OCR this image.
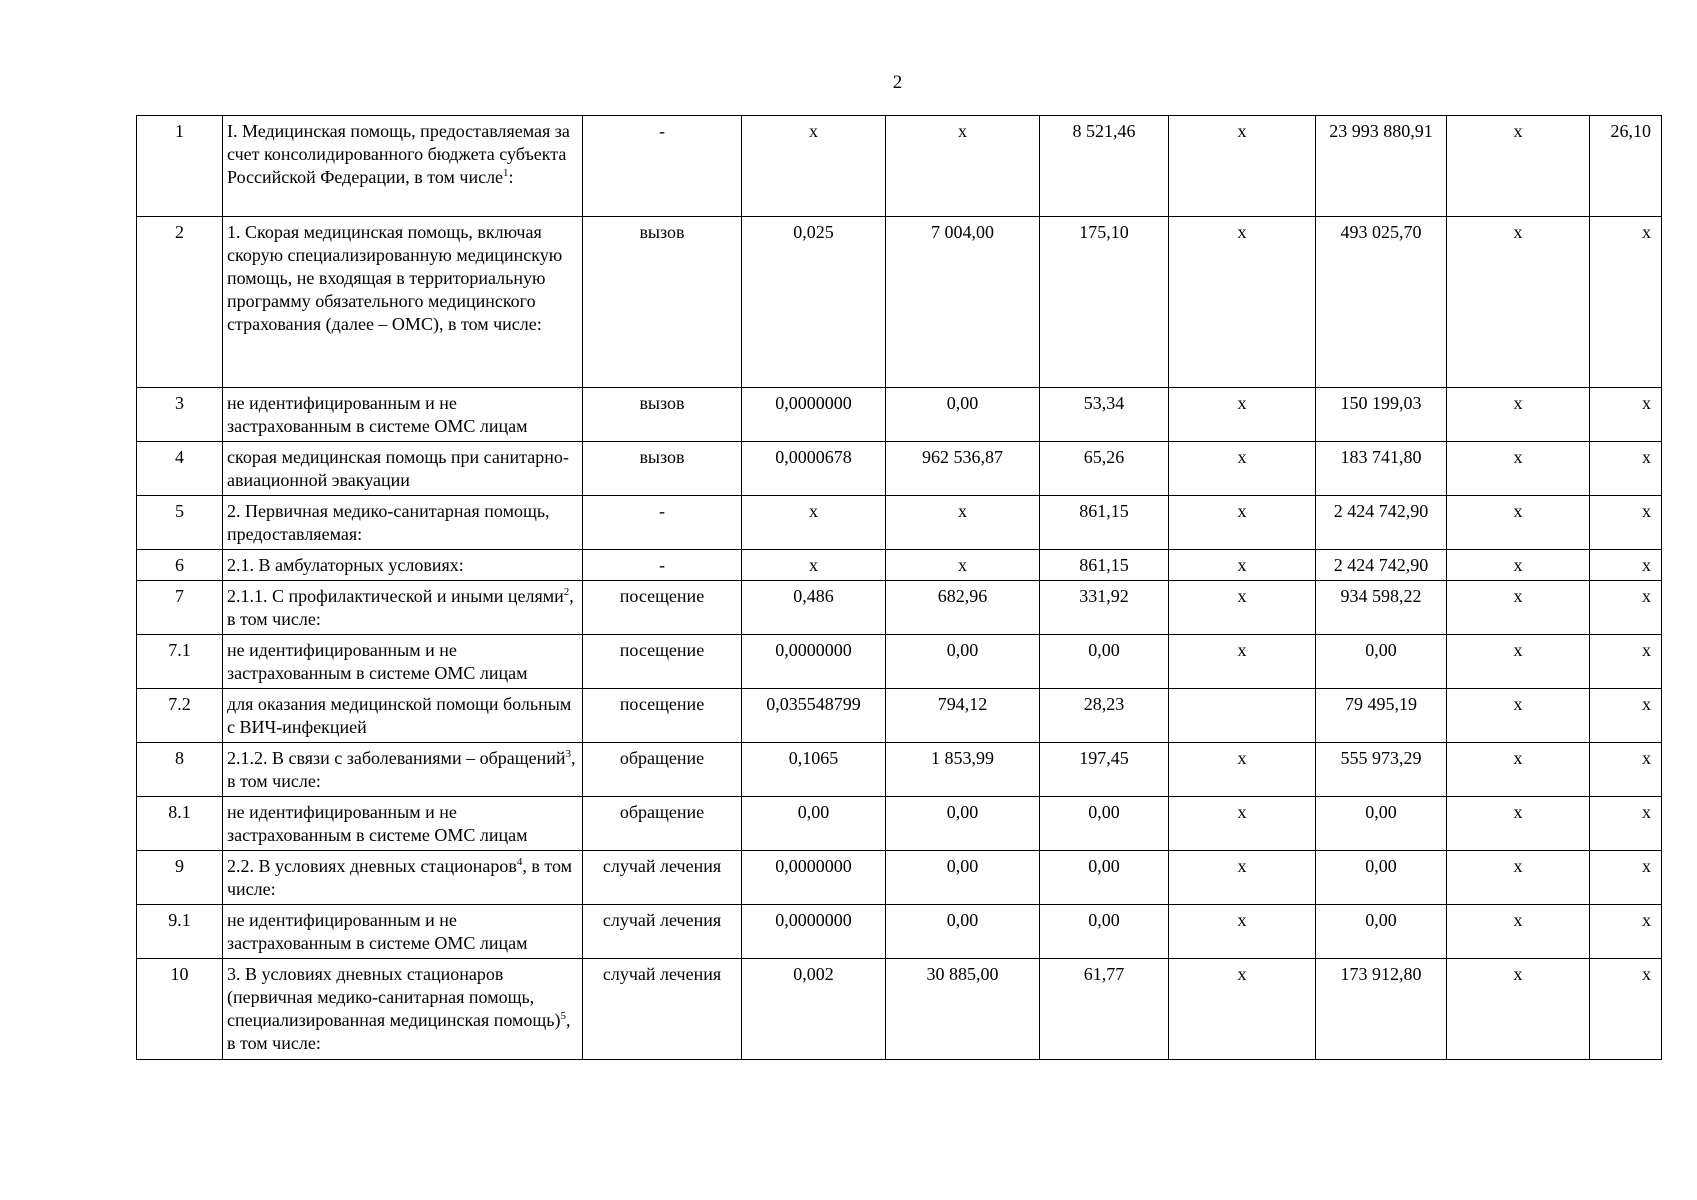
2
1	I. Медицинская помощь, предоставляемая за счет консолидированного бюджета субъекта Российской Федерации, в том числе$^1$:	-	х	х	8 521,46	х	23 993 880,91	х	26,10
2	1. Скорая медицинская помощь, включая скорую специализированную медицинскую помощь, не входящая в территориальную программу обязательного медицинского страхования (далее – ОМС), в том числе:	вызов	0,025	7 004,00	175,10	х	493 025,70	х	х
3	не идентифицированным и не застрахованным в системе ОМС лицам	вызов	0,0000000	0,00	53,34	х	150 199,03	х	х
4	скорая медицинская помощь при санитарно-авиационной эвакуации	вызов	0,0000678	962 536,87	65,26	х	183 741,80	х	х
5	2. Первичная медико-санитарная помощь, предоставляемая:	-	х	х	861,15	х	2 424 742,90	х	х
6	2.1. В амбулаторных условиях:	-	х	х	861,15	х	2 424 742,90	х	х
7	2.1.1. С профилактической и иными целями$^2$, в том числе:	посещение	0,486	682,96	331,92	х	934 598,22	х	х
7.1	не идентифицированным и не застрахованным в системе ОМС лицам	посещение	0,0000000	0,00	0,00	х	0,00	х	х
7.2	для оказания медицинской помощи больным с ВИЧ-инфекцией	посещение	0,035548799	794,12	28,23		79 495,19	х	х
8	2.1.2. В связи с заболеваниями – обращений$^3$, в том числе:	обращение	0,1065	1 853,99	197,45	х	555 973,29	х	х
8.1	не идентифицированным и не застрахованным в системе ОМС лицам	обращение	0,00	0,00	0,00	х	0,00	х	х
9	2.2. В условиях дневных стационаров$^4$, в том числе:	случай лечения	0,0000000	0,00	0,00	х	0,00	х	х
9.1	не идентифицированным и не застрахованным в системе ОМС лицам	случай лечения	0,0000000	0,00	0,00	х	0,00	х	х
10	3. В условиях дневных стационаров (первичная медико-санитарная помощь, специализированная медицинская помощь)$^5$, в том числе:	случай лечения	0,002	30 885,00	61,77	х	173 912,80	х	х
